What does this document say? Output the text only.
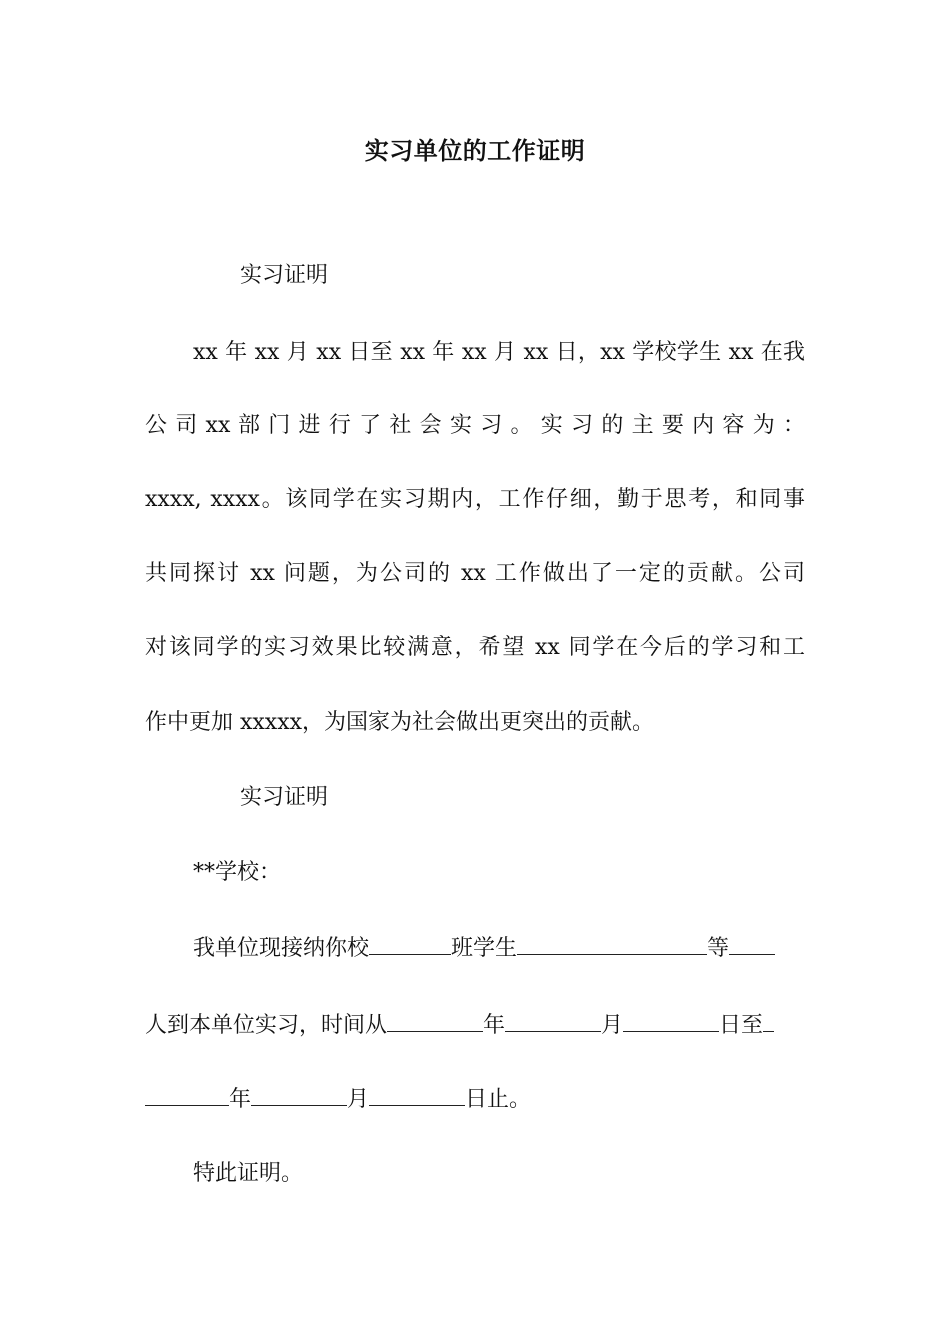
实习单位的工作证明
实习证明
xx 年 xx 月 xx 日至 xx 年 xx 月 xx 日，xx 学校学生 xx 在我
公 司 xx 部 门 进 行 了 社 会 实 习 。 实 习 的 主 要 内 容 为 ：
xxxx, xxxx。该同学在实习期内，工作仔细，勤于思考，和同事
共同探讨 xx 问题，为公司的 xx 工作做出了一定的贡献。公司
对该同学的实习效果比较满意，希望 xx 同学在今后的学习和工
作中更加 xxxxx，为国家为社会做出更突出的贡献。
实习证明
**学校：
我单位现接纳你校	班学生	等
人到本单位实习，时间从	年	月	日至
年	月	日止。
特此证明。
